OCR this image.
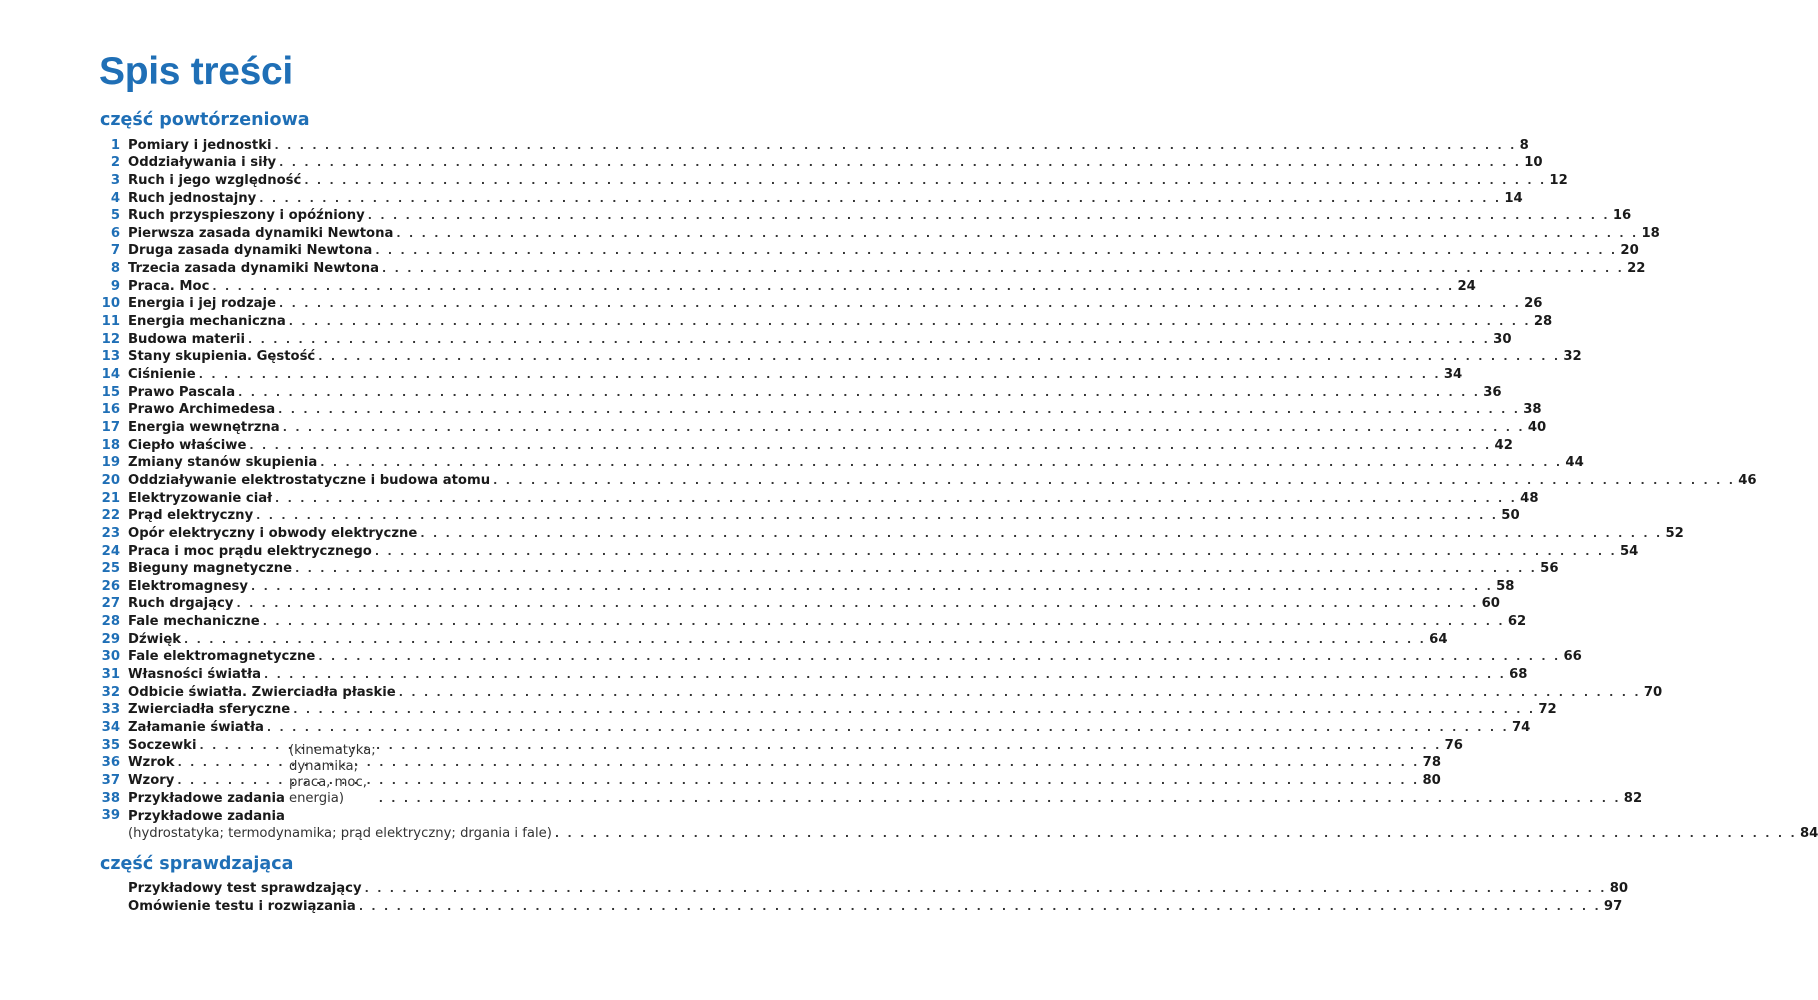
Spis treści
część powtórzeniowa
1 Pomiary i jednostki . . .	8
2 Oddziaływania i siły . . .	10
3 Ruch i jego względność . . .	12
4 Ruch jednostajny . . .	14
5 Ruch przyspieszony i opóźniony . . .	16
6 Pierwsza zasada dynamiki Newtona . . .	18
7 Druga zasada dynamiki Newtona . . .	20
8 Trzecia zasada dynamiki Newtona . . .	22
9 Praca. Moc . . .	24
10 Energia i jej rodzaje . . .	26
11 Energia mechaniczna . . .	28
12 Budowa materii . . .	30
13 Stany skupienia. Gęstość . . .	32
14 Ciśnienie . . .	34
15 Prawo Pascala . . .	36
16 Prawo Archimedesa . . .	38
17 Energia wewnętrzna . . .	40
18 Ciepło właściwe . . .	42
19 Zmiany stanów skupienia . . .	44
20 Oddziaływanie elektrostatyczne i budowa atomu . . .	46
21 Elektryzowanie ciał . . .	48
22 Prąd elektryczny . . .	50
23 Opór elektryczny i obwody elektryczne . . .	52
24 Praca i moc prądu elektrycznego . . .	54
25 Bieguny magnetyczne . . .	56
26 Elektromagnesy . . .	58
27 Ruch drgający . . .	60
28 Fale mechaniczne . . .	62
29 Dźwięk . . .	64
30 Fale elektromagnetyczne . . .	66
31 Własności światła . . .	68
32 Odbicie światła. Zwierciadła płaskie . . .	70
33 Zwierciadła sferyczne . . .	72
34 Załamanie światła . . .	74
35 Soczewki . . .	76
36 Wzrok . . .	78
37 Wzory . . .	80
38 Przykładowe zadania
(kinematyka; dynamika; praca, moc, energia) . . .	82
39 Przykładowe zadania
(hydrostatyka; termodynamika; prąd elektryczny; drgania i fale) . . .	84
część sprawdzająca
Przykładowy test sprawdzający . . .	80
Omówienie testu i rozwiązania . . .	97
